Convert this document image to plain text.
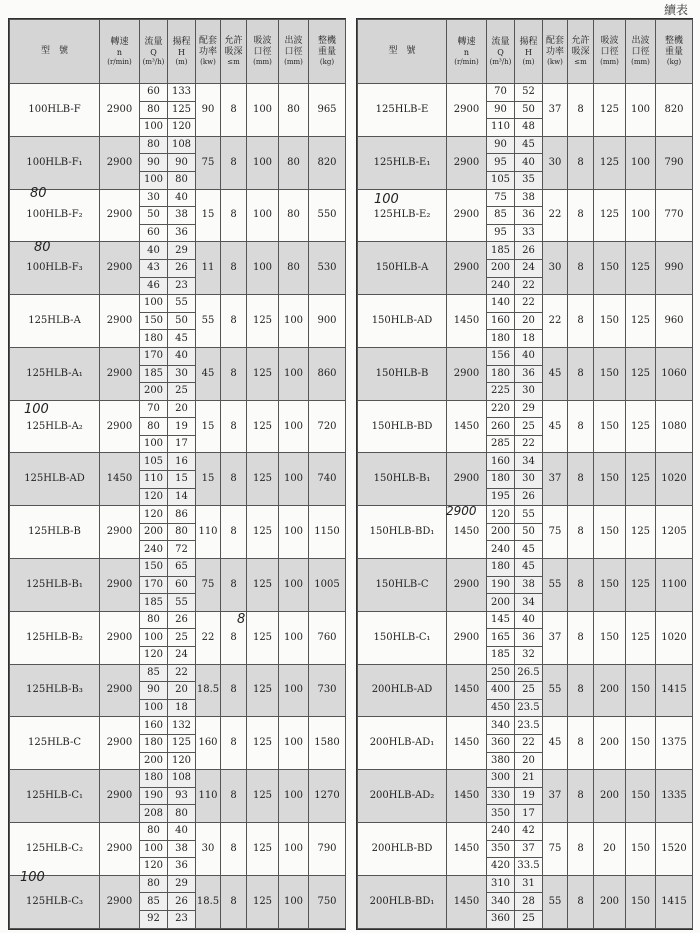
續表
型　號	轉速
n
(r/min)	流量
Q
(m³/h)	揚程
H
(m)	配套
功率
(kw)	允許
吸深
≤m	吸波
口徑
(mm)	出波
口徑
(mm)	整機
重量
(kg)

100HLB-F	2900	60	133	90	8	100	80	965
		80	125					
		100	120					
100HLB-F₁	2900	80	108	75	8	100	80	820
		90	90					
		100	80					
100HLB-F₂	2900	30	40	15	8	100	80	550
		50	38					
		60	36					
100HLB-F₃	2900	40	29	11	8	100	80	530
		43	26					
		46	23					
125HLB-A	2900	100	55	55	8	125	100	900
		150	50					
		180	45					
125HLB-A₁	2900	170	40	45	8	125	100	860
		185	30					
		200	25					
125HLB-A₂	2900	70	20	15	8	125	100	720
		80	19					
		100	17					
125HLB-AD	1450	105	16	15	8	125	100	740
		110	15					
		120	14					
125HLB-B	2900	120	86	110	8	125	100	1150
		200	80					
		240	72					
125HLB-B₁	2900	150	65	75	8	125	100	1005
		170	60					
		185	55					
125HLB-B₂	2900	80	26	22	8	125	100	760
		100	25					
		120	24					
125HLB-B₃	2900	85	22	18.5	8	125	100	730
		90	20					
		100	18					
125HLB-C	2900	160	132	160	8	125	100	1580
		180	125					
		200	120					
125HLB-C₁	2900	180	108	110	8	125	100	1270
		190	93					
		208	80					
125HLB-C₂	2900	80	40	30	8	125	100	790
		100	38					
		120	36					
125HLB-C₃	2900	80	29	18.5	8	125	100	750
		85	26					
		92	23					
型　號	轉速
n
(r/min)	流量
Q
(m³/h)	揚程
H
(m)	配套
功率
(kw)	允許
吸深
≤m	吸波
口徑
(mm)	出波
口徑
(mm)	整機
重量
(kg)

125HLB-E	2900	70	52	37	8	125	100	820
		90	50					
		110	48					
125HLB-E₁	2900	90	45	30	8	125	100	790
		95	40					
		105	35					
125HLB-E₂	2900	75	38	22	8	125	100	770
		85	36					
		95	33					
150HLB-A	2900	185	26	30	8	150	125	990
		200	24					
		240	22					
150HLB-AD	1450	140	22	22	8	150	125	960
		160	20					
		180	18					
150HLB-B	2900	156	40	45	8	150	125	1060
		180	36					
		225	30					
150HLB-BD	1450	220	29	45	8	150	125	1080
		260	25					
		285	22					
150HLB-B₁	2900	160	34	37	8	150	125	1020
		180	30					
		195	26					
150HLB-BD₁	1450	120	55	75	8	150	125	1205
		200	50					
		240	45					
150HLB-C	2900	180	45	55	8	150	125	1100
		190	38					
		200	34					
150HLB-C₁	2900	145	40	37	8	150	125	1020
		165	36					
		185	32					
200HLB-AD	1450	250	26.5	55	8	200	150	1415
		400	25					
		450	23.5					
200HLB-AD₁	1450	340	23.5	45	8	200	150	1375
		360	22					
		380	20					
200HLB-AD₂	1450	300	21	37	8	200	150	1335
		330	19					
		350	17					
200HLB-BD	1450	240	42	75	8	20	150	1520
		350	37					
		420	33.5					
200HLB-BD₁	1450	310	31	55	8	200	150	1415
		340	28					
		360	25					
80
80
100
100
8
100
2900
